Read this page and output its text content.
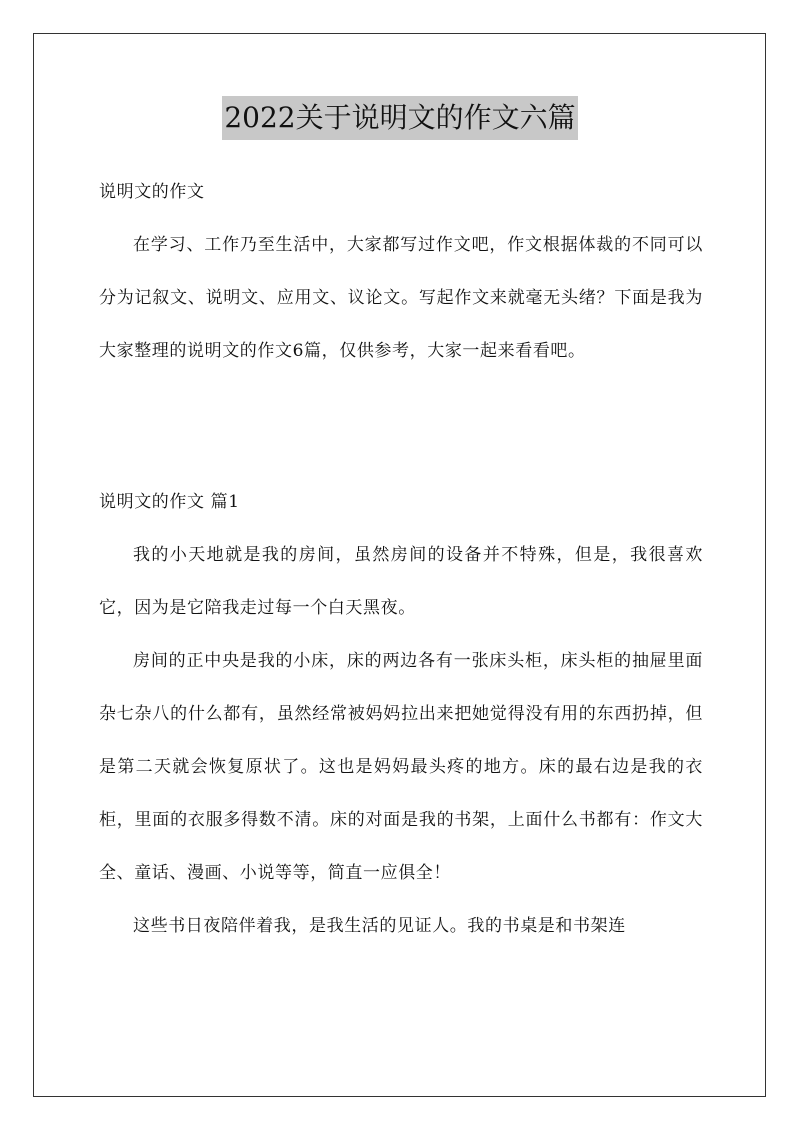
2022关于说明文的作文六篇

说明文的作文

在学习、工作乃至生活中，大家都写过作文吧，作文根据体裁的不同可以分为记叙文、说明文、应用文、议论文。写起作文来就毫无头绪？下面是我为大家整理的说明文的作文6篇，仅供参考，大家一起来看看吧。

说明文的作文 篇1

我的小天地就是我的房间，虽然房间的设备并不特殊，但是，我很喜欢它，因为是它陪我走过每一个白天黑夜。

房间的正中央是我的小床，床的两边各有一张床头柜，床头柜的抽屉里面杂七杂八的什么都有，虽然经常被妈妈拉出来把她觉得没有用的东西扔掉，但是第二天就会恢复原状了。这也是妈妈最头疼的地方。床的最右边是我的衣柜，里面的衣服多得数不清。床的对面是我的书架，上面什么书都有：作文大全、童话、漫画、小说等等，简直一应俱全！

这些书日夜陪伴着我，是我生活的见证人。我的书桌是和书架连
